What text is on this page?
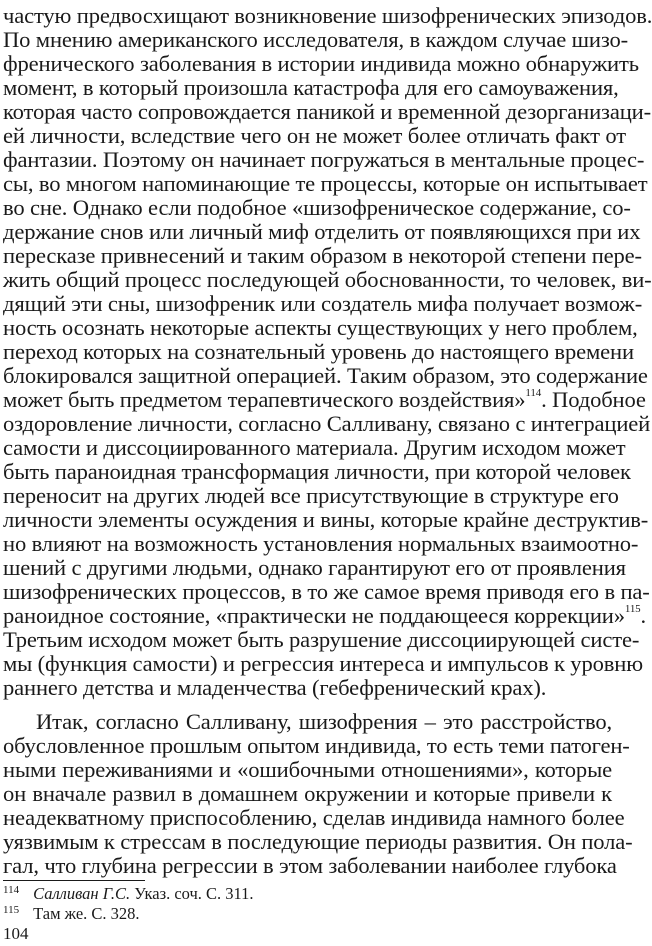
частую предвосхищают возникновение шизофренических эпизодов.
По мнению американского исследователя, в каждом случае шизо-
френического заболевания в истории индивида можно обнаружить
момент, в который произошла катастрофа для его самоуважения,
которая часто сопровождается паникой и временной дезорганизаци-
ей личности, вследствие чего он не может более отличать факт от
фантазии. Поэтому он начинает погружаться в ментальные процес-
сы, во многом напоминающие те процессы, которые он испытывает
во сне. Однако если подобное «шизофреническое содержание, со-
держание снов или личный миф отделить от появляющихся при их
пересказе привнесений и таким образом в некоторой степени пере-
жить общий процесс последующей обоснованности, то человек, ви-
дящий эти сны, шизофреник или создатель мифа получает возмож-
ность осознать некоторые аспекты существующих у него проблем,
переход которых на сознательный уровень до настоящего времени
блокировался защитной операцией. Таким образом, это содержание
может быть предметом терапевтического воздействия»$^{114}$. Подобное
оздоровление личности, согласно Салливану, связано с интеграцией
самости и диссоциированного материала. Другим исходом может
быть параноидная трансформация личности, при которой человек
переносит на других людей все присутствующие в структуре его
личности элементы осуждения и вины, которые крайне деструктив-
но влияют на возможность установления нормальных взаимоотно-
шений с другими людьми, однако гарантируют его от проявления
шизофренических процессов, в то же самое время приводя его в па-
раноидное состояние, «практически не поддающееся коррекции»$^{115}$.
Третьим исходом может быть разрушение диссоциирующей систе-
мы (функция самости) и регрессия интереса и импульсов к уровню
раннего детства и младенчества (гебефренический крах).
Итак, согласно Салливану, шизофрения – это расстройство,
обусловленное прошлым опытом индивида, то есть теми патоген-
ными переживаниями и «ошибочными отношениями», которые
он вначале развил в домашнем окружении и которые привели к
неадекватному приспособлению, сделав индивида намного более
уязвимым к стрессам в последующие периоды развития. Он пола-
гал, что глубина регрессии в этом заболевании наиболее глубока
$^{114}$ Салливан Г.С. Указ. соч. С. 311.
$^{115}$ Там же. С. 328.
104
